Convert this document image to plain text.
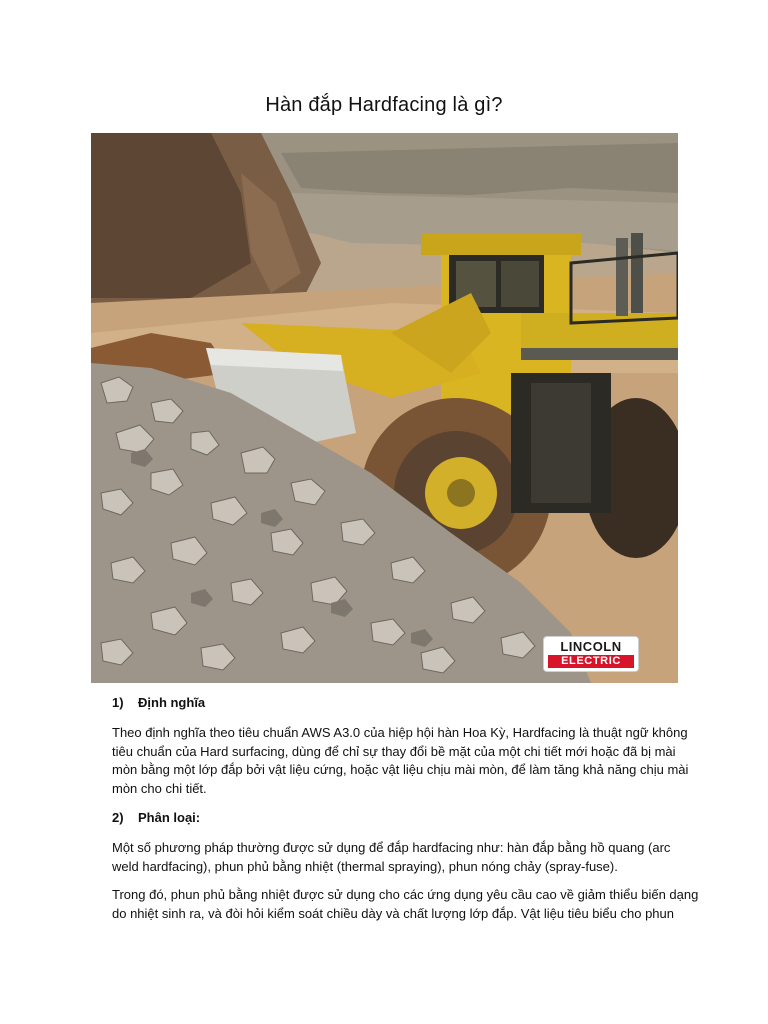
Hàn đắp Hardfacing là gì?
LINCOLN
ELECTRIC
1) Định nghĩa
Theo định nghĩa theo tiêu chuẩn AWS A3.0 của hiệp hội hàn Hoa Kỳ, Hardfacing là thuật ngữ không
tiêu chuẩn của Hard surfacing, dùng để chỉ sự thay đổi bề mặt của một chi tiết mới hoặc đã bị mài
mòn bằng một lớp đắp bởi vật liệu cứng, hoặc vật liệu chịu mài mòn, để làm tăng khả năng chịu mài
mòn cho chi tiết.
2) Phân loại:
Một số phương pháp thường được sử dụng để đắp hardfacing như: hàn đắp bằng hồ quang (arc
weld hardfacing), phun phủ bằng nhiệt (thermal spraying), phun nóng chảy (spray-fuse).
Trong đó, phun phủ bằng nhiệt được sử dụng cho các ứng dụng yêu cầu cao về giảm thiểu biến dạng
do nhiệt sinh ra, và đòi hỏi kiểm soát chiều dày và chất lượng lớp đắp. Vật liệu tiêu biểu cho phun
